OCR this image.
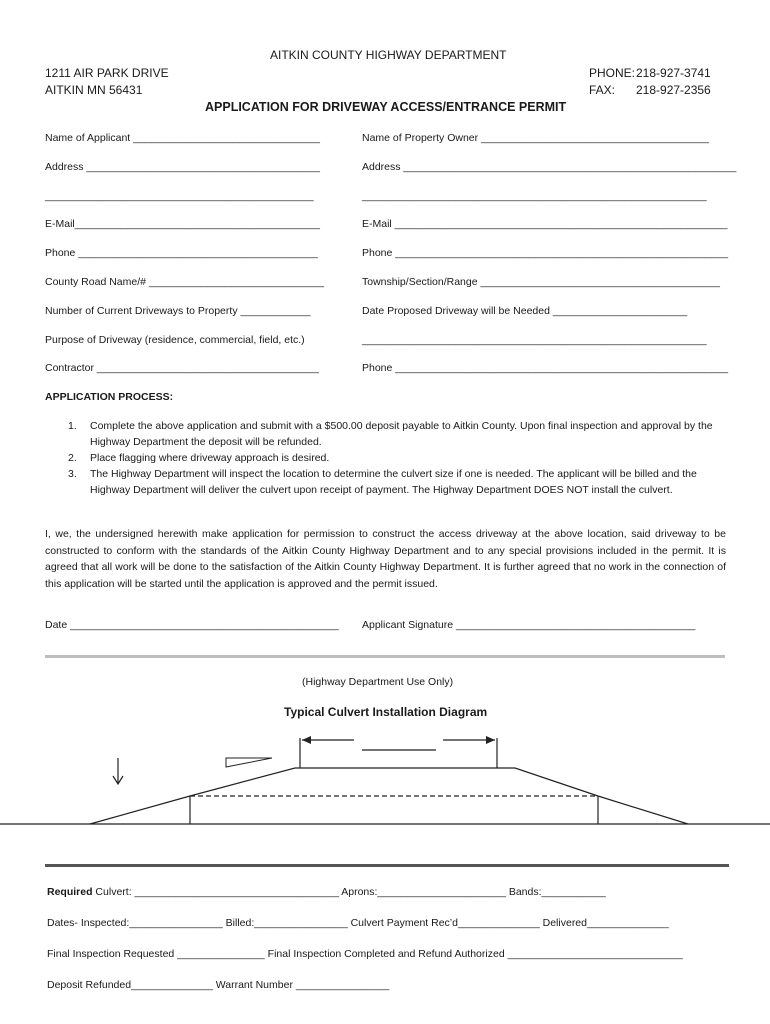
AITKIN COUNTY HIGHWAY DEPARTMENT
1211 AIR PARK DRIVE
AITKIN MN 56431
PHONE: 218-927-3741
FAX: 218-927-2356
APPLICATION FOR DRIVEWAY ACCESS/ENTRANCE PERMIT
Name of Applicant ________________________________	Name of Property Owner _______________________________________
Address ________________________________________	Address _________________________________________________________
______________________________________________	___________________________________________________________
E-Mail__________________________________________	E-Mail _________________________________________________________
Phone _________________________________________	Phone _________________________________________________________
County Road Name/# ______________________________	Township/Section/Range _________________________________________
Number of Current Driveways to Property ____________	Date Proposed Driveway will be Needed _______________________
Purpose of Driveway (residence, commercial, field, etc.)	___________________________________________________________
Contractor ______________________________________	Phone _________________________________________________________
APPLICATION PROCESS:
1. Complete the above application and submit with a $500.00 deposit payable to Aitkin County. Upon final inspection and approval by the Highway Department the deposit will be refunded.
2. Place flagging where driveway approach is desired.
3. The Highway Department will inspect the location to determine the culvert size if one is needed. The applicant will be billed and the Highway Department will deliver the culvert upon receipt of payment. The Highway Department DOES NOT install the culvert.
I, we, the undersigned herewith make application for permission to construct the access driveway at the above location, said driveway to be constructed to conform with the standards of the Aitkin County Highway Department and to any special provisions included in the permit. It is agreed that all work will be done to the satisfaction of the Aitkin County Highway Department. It is further agreed that no work in the connection of this application will be started until the application is approved and the permit issued.
Date ______________________________________________ Applicant Signature _________________________________________
(Highway Department Use Only)
Typical Culvert Installation Diagram
Required Culvert: ___________________________________ Aprons:______________________ Bands:___________
Dates- Inspected:________________ Billed:________________ Culvert Payment Rec’d______________ Delivered______________
Final Inspection Requested _______________ Final Inspection Completed and Refund Authorized ______________________________
Deposit Refunded______________ Warrant Number ________________
